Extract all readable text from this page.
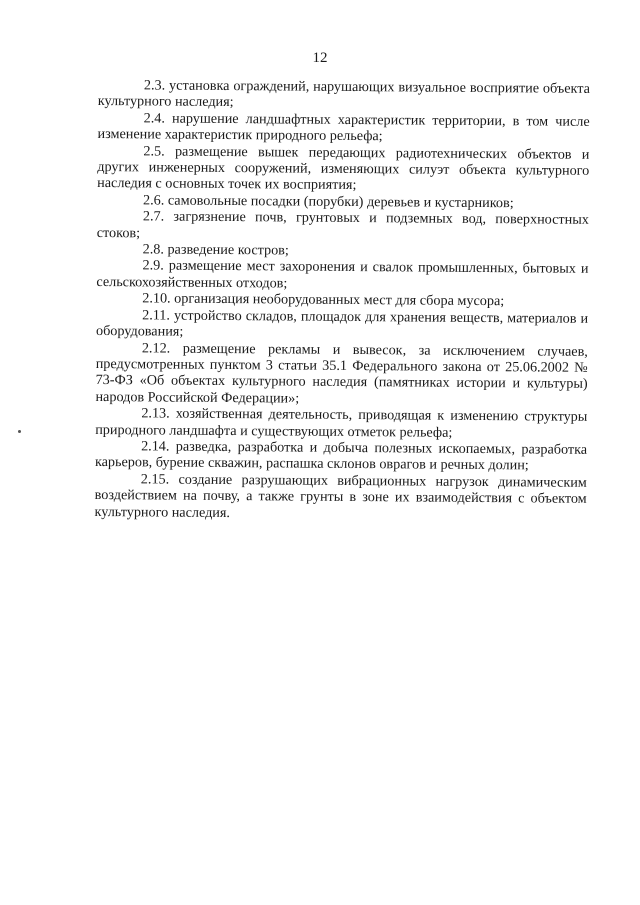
12

2.3. установка ограждений, нарушающих визуальное восприятие объекта культурного наследия;

2.4. нарушение ландшафтных характеристик территории, в том числе изменение характеристик природного рельефа;

2.5. размещение вышек передающих радиотехнических объектов и других инженерных сооружений, изменяющих силуэт объекта культурного наследия с основных точек их восприятия;

2.6. самовольные посадки (порубки) деревьев и кустарников;

2.7. загрязнение почв, грунтовых и подземных вод, поверхностных стоков;

2.8. разведение костров;

2.9. размещение мест захоронения и свалок промышленных, бытовых и сельскохозяйственных отходов;

2.10. организация необорудованных мест для сбора мусора;

2.11. устройство складов, площадок для хранения веществ, материалов и оборудования;

2.12. размещение рекламы и вывесок, за исключением случаев, предусмотренных пунктом 3 статьи 35.1 Федерального закона от 25.06.2002 № 73-ФЗ «Об объектах культурного наследия (памятниках истории и культуры) народов Российской Федерации»;

2.13. хозяйственная деятельность, приводящая к изменению структуры природного ландшафта и существующих отметок рельефа;

2.14. разведка, разработка и добыча полезных ископаемых, разработка карьеров, бурение скважин, распашка склонов оврагов и речных долин;

2.15. создание разрушающих вибрационных нагрузок динамическим воздействием на почву, а также грунты в зоне их взаимодействия с объектом культурного наследия.
